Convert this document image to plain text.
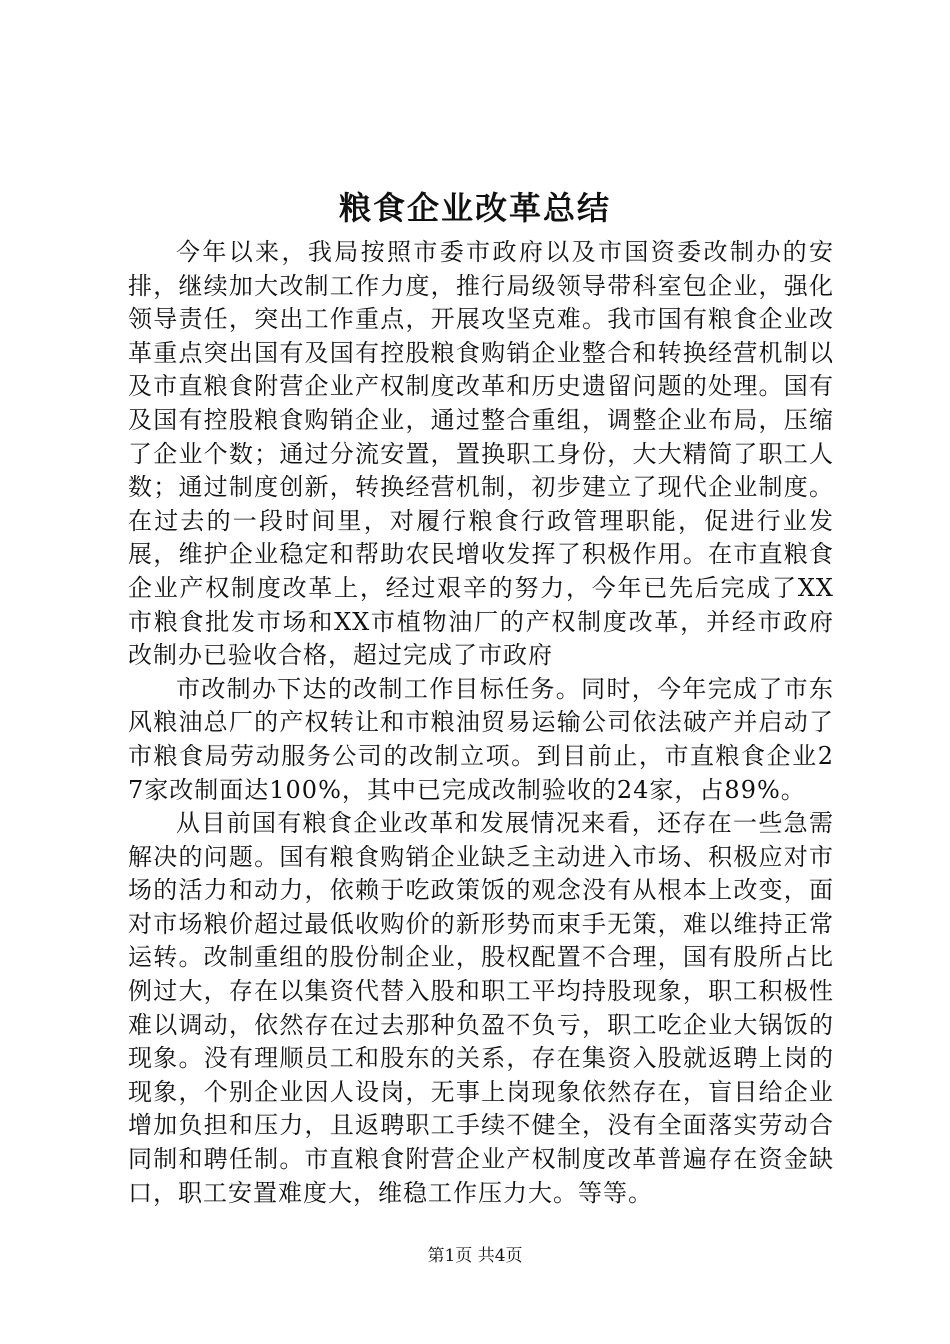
粮食企业改革总结

今年以来，我局按照市委市政府以及市国资委改制办的安排，继续加大改制工作力度，推行局级领导带科室包企业，强化领导责任，突出工作重点，开展攻坚克难。我市国有粮食企业改革重点突出国有及国有控股粮食购销企业整合和转换经营机制以及市直粮食附营企业产权制度改革和历史遗留问题的处理。国有及国有控股粮食购销企业，通过整合重组，调整企业布局，压缩了企业个数；通过分流安置，置换职工身份，大大精简了职工人数；通过制度创新，转换经营机制，初步建立了现代企业制度。在过去的一段时间里，对履行粮食行政管理职能，促进行业发展，维护企业稳定和帮助农民增收发挥了积极作用。在市直粮食企业产权制度改革上，经过艰辛的努力，今年已先后完成了XX市粮食批发市场和XX市植物油厂的产权制度改革，并经市政府改制办已验收合格，超过完成了市政府

市改制办下达的改制工作目标任务。同时，今年完成了市东风粮油总厂的产权转让和市粮油贸易运输公司依法破产并启动了市粮食局劳动服务公司的改制立项。到目前止，市直粮食企业27家改制面达100%，其中已完成改制验收的24家，占89%。

从目前国有粮食企业改革和发展情况来看，还存在一些急需解决的问题。国有粮食购销企业缺乏主动进入市场、积极应对市场的活力和动力，依赖于吃政策饭的观念没有从根本上改变，面对市场粮价超过最低收购价的新形势而束手无策，难以维持正常运转。改制重组的股份制企业，股权配置不合理，国有股所占比例过大，存在以集资代替入股和职工平均持股现象，职工积极性难以调动，依然存在过去那种负盈不负亏，职工吃企业大锅饭的现象。没有理顺员工和股东的关系，存在集资入股就返聘上岗的现象，个别企业因人设岗，无事上岗现象依然存在，盲目给企业增加负担和压力，且返聘职工手续不健全，没有全面落实劳动合同制和聘任制。市直粮食附营企业产权制度改革普遍存在资金缺口，职工安置难度大，维稳工作压力大。等等。

第1页 共4页
